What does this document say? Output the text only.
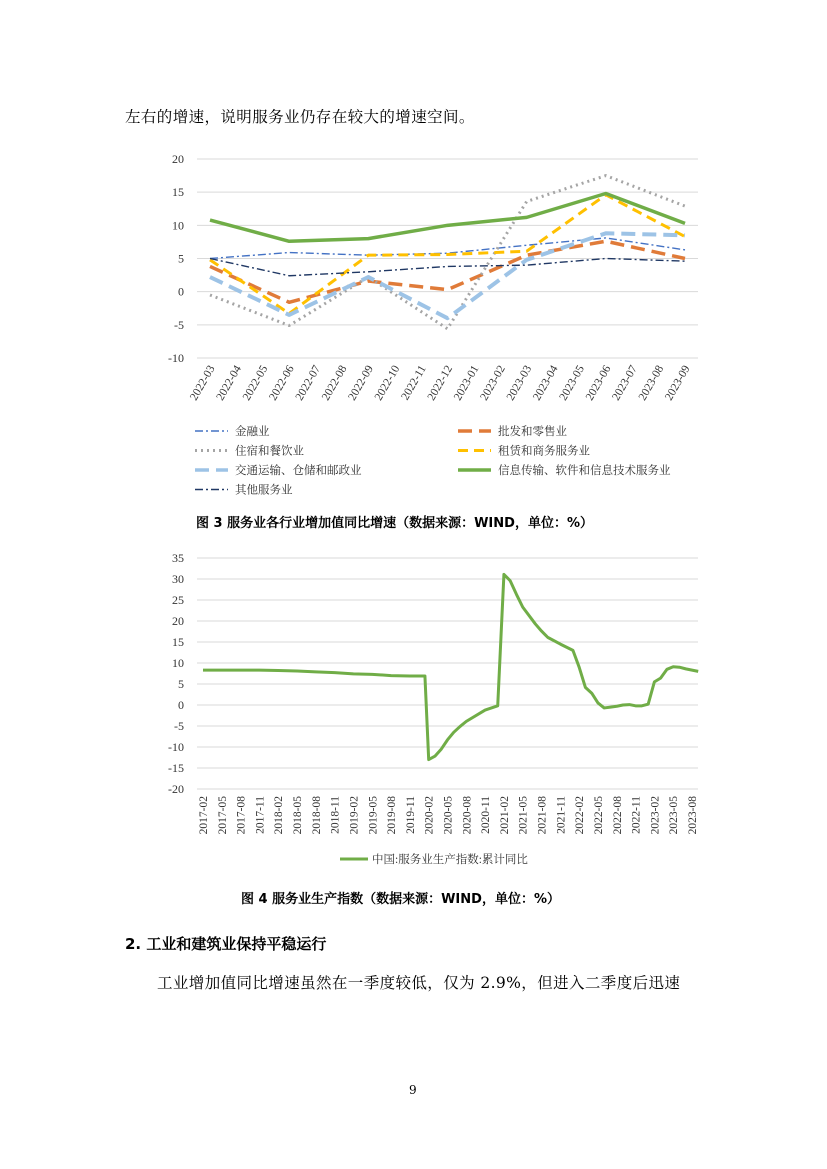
左右的增速，说明服务业仍存在较大的增速空间。
20
15
10
5
0
-5
-10
2022-03
2022-04
2022-05
2022-06
2022-07
2022-08
2022-09
2022-10
2022-11
2022-12
2023-01
2023-02
2023-03
2023-04
2023-05
2023-06
2023-07
2023-08
2023-09
金融业	批发和零售业
住宿和餐饮业	租赁和商务服务业
交通运输、仓储和邮政业	信息传输、软件和信息技术服务业
其他服务业
图 3 服务业各行业增加值同比增速（数据来源：WIND，单位：%）
35
30
25
20
15
10
5
0
-5
-10
-15
-20
2017-02 2017-05 2017-08 2017-11 2018-02 2018-05 2018-08 2018-11 2019-02 2019-05 2019-08 2019-11 2020-02 2020-05 2020-08 2020-11 2021-02 2021-05 2021-08 2021-11 2022-02 2022-05 2022-08 2022-11 2023-02 2023-05 2023-08
中国:服务业生产指数:累计同比
图 4 服务业生产指数（数据来源：WIND，单位：%）
2. 工业和建筑业保持平稳运行
工业增加值同比增速虽然在一季度较低，仅为 2.9%，但进入二季度后迅速
9
